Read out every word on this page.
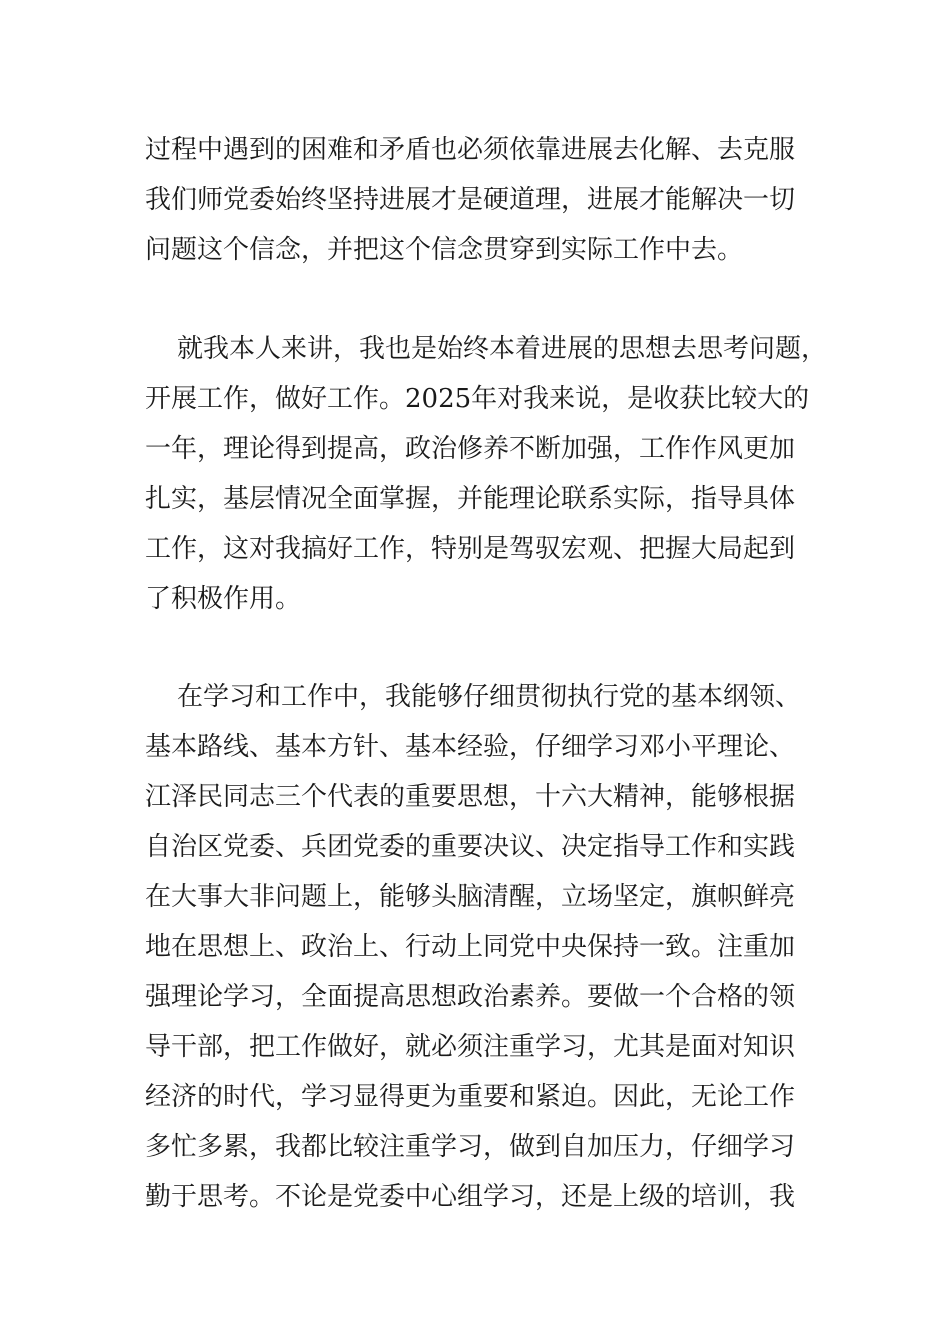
过程中遇到的困难和矛盾也必须依靠进展去化解、去克服
我们师党委始终坚持进展才是硬道理，进展才能解决一切
问题这个信念，并把这个信念贯穿到实际工作中去。
就我本人来讲，我也是始终本着进展的思想去思考问题，
开展工作，做好工作。2025年对我来说，是收获比较大的
一年，理论得到提高，政治修养不断加强，工作作风更加
扎实，基层情况全面掌握，并能理论联系实际，指导具体
工作，这对我搞好工作，特别是驾驭宏观、把握大局起到
了积极作用。
在学习和工作中，我能够仔细贯彻执行党的基本纲领、
基本路线、基本方针、基本经验，仔细学习邓小平理论、
江泽民同志三个代表的重要思想，十六大精神，能够根据
自治区党委、兵团党委的重要决议、决定指导工作和实践
在大事大非问题上，能够头脑清醒，立场坚定，旗帜鲜亮
地在思想上、政治上、行动上同党中央保持一致。注重加
强理论学习，全面提高思想政治素养。要做一个合格的领
导干部，把工作做好，就必须注重学习，尤其是面对知识
经济的时代，学习显得更为重要和紧迫。因此，无论工作
多忙多累，我都比较注重学习，做到自加压力，仔细学习
勤于思考。不论是党委中心组学习，还是上级的培训，我
